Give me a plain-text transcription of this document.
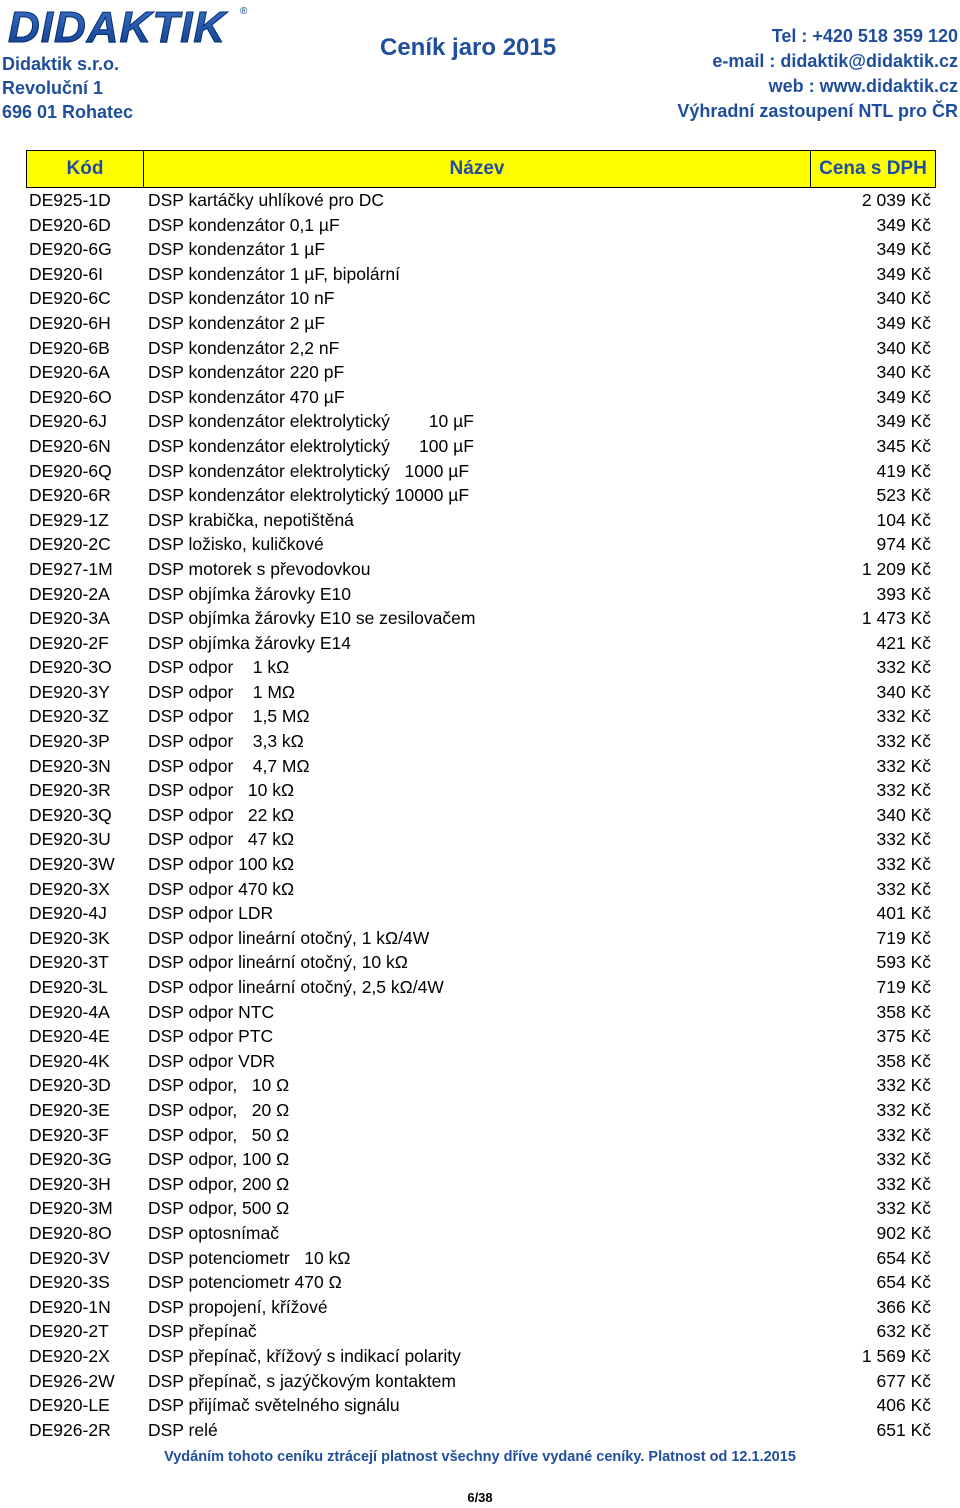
DIDAKTIK ®
Didaktik s.r.o.
Revoluční 1
696 01 Rohatec
Ceník jaro 2015	Tel : +420 518 359 120
e-mail : didaktik@didaktik.cz
web : www.didaktik.cz
Výhradní zastoupení NTL pro ČR
Kód	Název	Cena s DPH
DE925-1D DSP kartáčky uhlíkové pro DC	2 039 Kč
DE920-6D DSP kondenzátor 0,1 µF	349 Kč
DE920-6G DSP kondenzátor 1 µF	349 Kč
DE920-6I	DSP kondenzátor 1 µF, bipolární	349 Kč
DE920-6C DSP kondenzátor 10 nF	340 Kč
DE920-6H DSP kondenzátor 2 µF	349 Kč
DE920-6B DSP kondenzátor 2,2 nF	340 Kč
DE920-6A DSP kondenzátor 220 pF	340 Kč
DE920-6O DSP kondenzátor 470 µF	349 Kč
DE920-6J DSP kondenzátor elektrolytický        10 µF	349 Kč
DE920-6N DSP kondenzátor elektrolytický      100 µF	345 Kč
DE920-6Q DSP kondenzátor elektrolytický   1000 µF	419 Kč
DE920-6R DSP kondenzátor elektrolytický 10000 µF	523 Kč
DE929-1Z DSP krabička, nepotištěná	104 Kč
DE920-2C DSP ložisko, kuličkové	974 Kč
DE927-1M DSP motorek s převodovkou	1 209 Kč
DE920-2A DSP objímka žárovky E10	393 Kč
DE920-3A DSP objímka žárovky E10 se zesilovačem	1 473 Kč
DE920-2F DSP objímka žárovky E14	421 Kč
DE920-3O DSP odpor    1 kΩ	332 Kč
DE920-3Y DSP odpor    1 MΩ	340 Kč
DE920-3Z DSP odpor    1,5 MΩ	332 Kč
DE920-3P DSP odpor    3,3 kΩ	332 Kč
DE920-3N DSP odpor    4,7 MΩ	332 Kč
DE920-3R DSP odpor   10 kΩ	332 Kč
DE920-3Q DSP odpor   22 kΩ	340 Kč
DE920-3U DSP odpor   47 kΩ	332 Kč
DE920-3W DSP odpor 100 kΩ	332 Kč
DE920-3X DSP odpor 470 kΩ	332 Kč
DE920-4J DSP odpor LDR	401 Kč
DE920-3K DSP odpor lineární otočný, 1 kΩ/4W	719 Kč
DE920-3T DSP odpor lineární otočný, 10 kΩ	593 Kč
DE920-3L DSP odpor lineární otočný, 2,5 kΩ/4W	719 Kč
DE920-4A DSP odpor NTC	358 Kč
DE920-4E DSP odpor PTC	375 Kč
DE920-4K DSP odpor VDR	358 Kč
DE920-3D DSP odpor,   10 Ω	332 Kč
DE920-3E DSP odpor,   20 Ω	332 Kč
DE920-3F DSP odpor,   50 Ω	332 Kč
DE920-3G DSP odpor, 100 Ω	332 Kč
DE920-3H DSP odpor, 200 Ω	332 Kč
DE920-3M DSP odpor, 500 Ω	332 Kč
DE920-8O DSP optosnímač	902 Kč
DE920-3V DSP potenciometr   10 kΩ	654 Kč
DE920-3S DSP potenciometr 470 Ω	654 Kč
DE920-1N DSP propojení, křížové	366 Kč
DE920-2T DSP přepínač	632 Kč
DE920-2X DSP přepínač, křížový s indikací polarity	1 569 Kč
DE926-2W DSP přepínač, s jazýčkovým kontaktem	677 Kč
DE920-LE DSP přijímač světelného signálu	406 Kč
DE926-2R DSP relé	651 Kč
Vydáním tohoto ceníku ztrácejí platnost všechny dříve vydané ceníky. Platnost od 12.1.2015
6/38
